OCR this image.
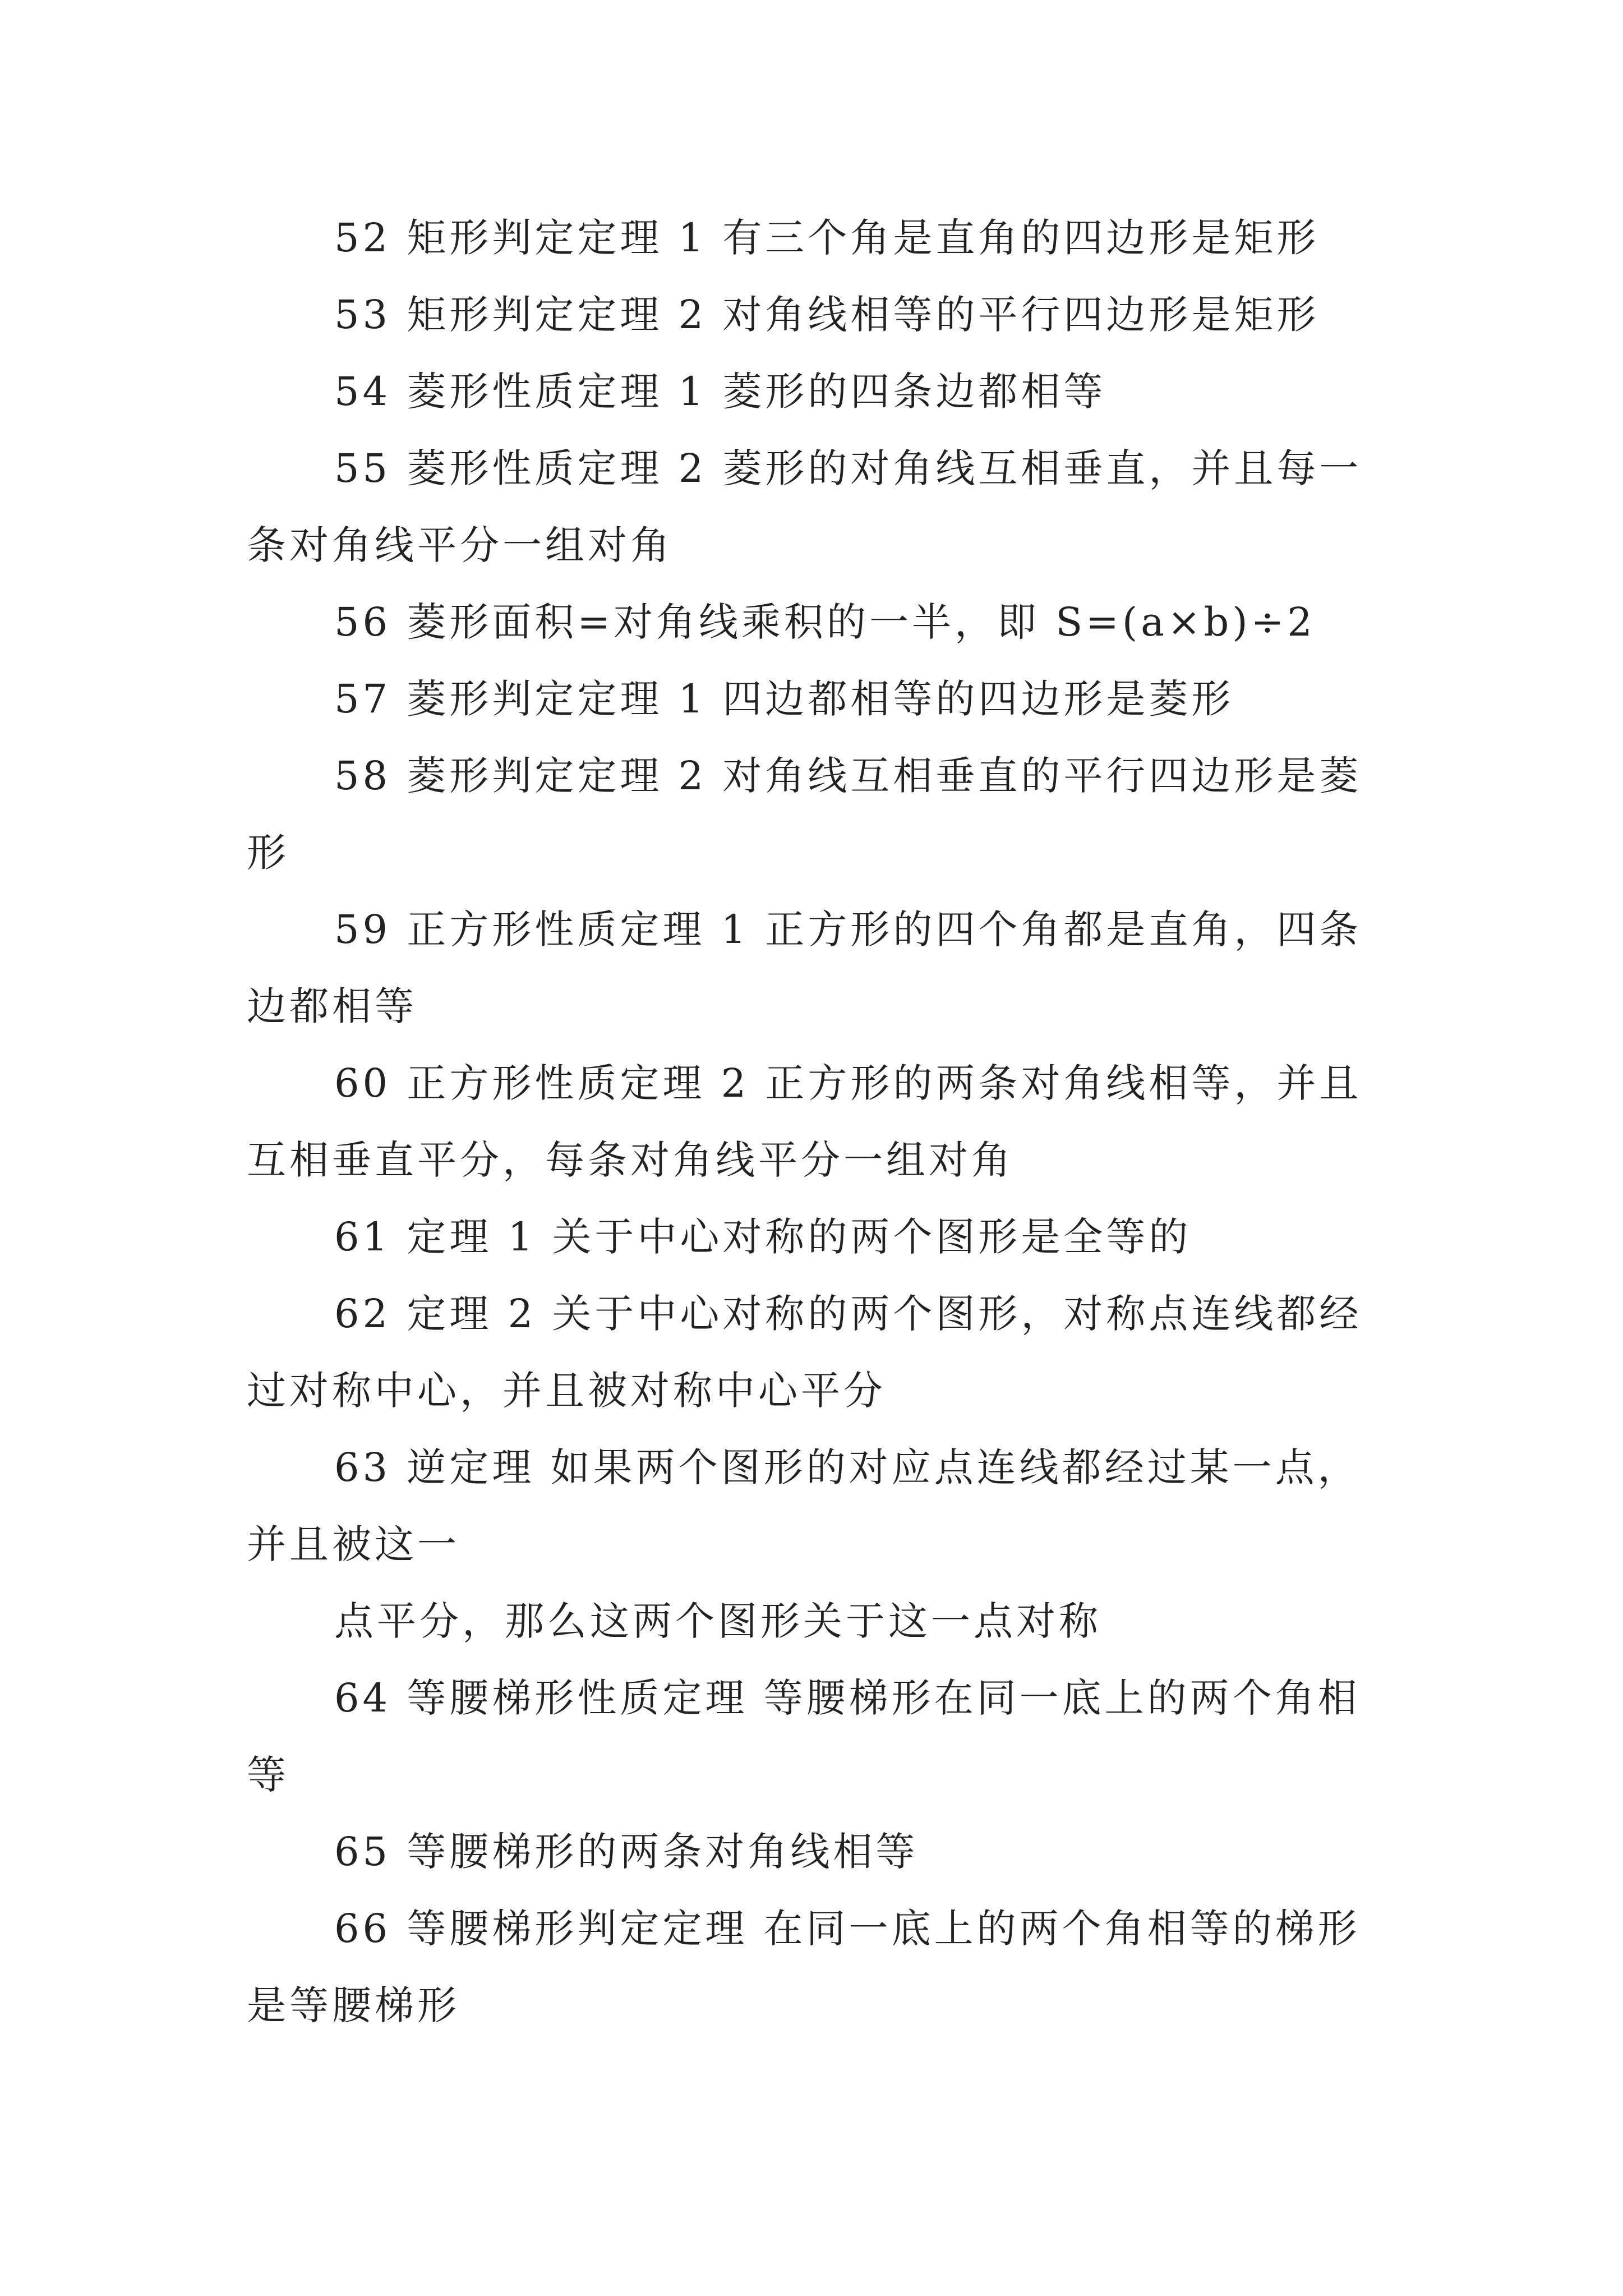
52 矩形判定定理 1 有三个角是直角的四边形是矩形

53 矩形判定定理 2 对角线相等的平行四边形是矩形

54 菱形性质定理 1 菱形的四条边都相等

55 菱形性质定理 2 菱形的对角线互相垂直，并且每一条对角线平分一组对角

56 菱形面积=对角线乘积的一半，即 S=(a×b)÷2

57 菱形判定定理 1 四边都相等的四边形是菱形

58 菱形判定定理 2 对角线互相垂直的平行四边形是菱形

59 正方形性质定理 1 正方形的四个角都是直角，四条边都相等

60 正方形性质定理 2 正方形的两条对角线相等，并且互相垂直平分，每条对角线平分一组对角

61 定理 1 关于中心对称的两个图形是全等的

62 定理 2 关于中心对称的两个图形，对称点连线都经过对称中心，并且被对称中心平分

63 逆定理 如果两个图形的对应点连线都经过某一点，并且被这一

点平分，那么这两个图形关于这一点对称

64 等腰梯形性质定理 等腰梯形在同一底上的两个角相等

65 等腰梯形的两条对角线相等

66 等腰梯形判定定理 在同一底上的两个角相等的梯形是等腰梯形
